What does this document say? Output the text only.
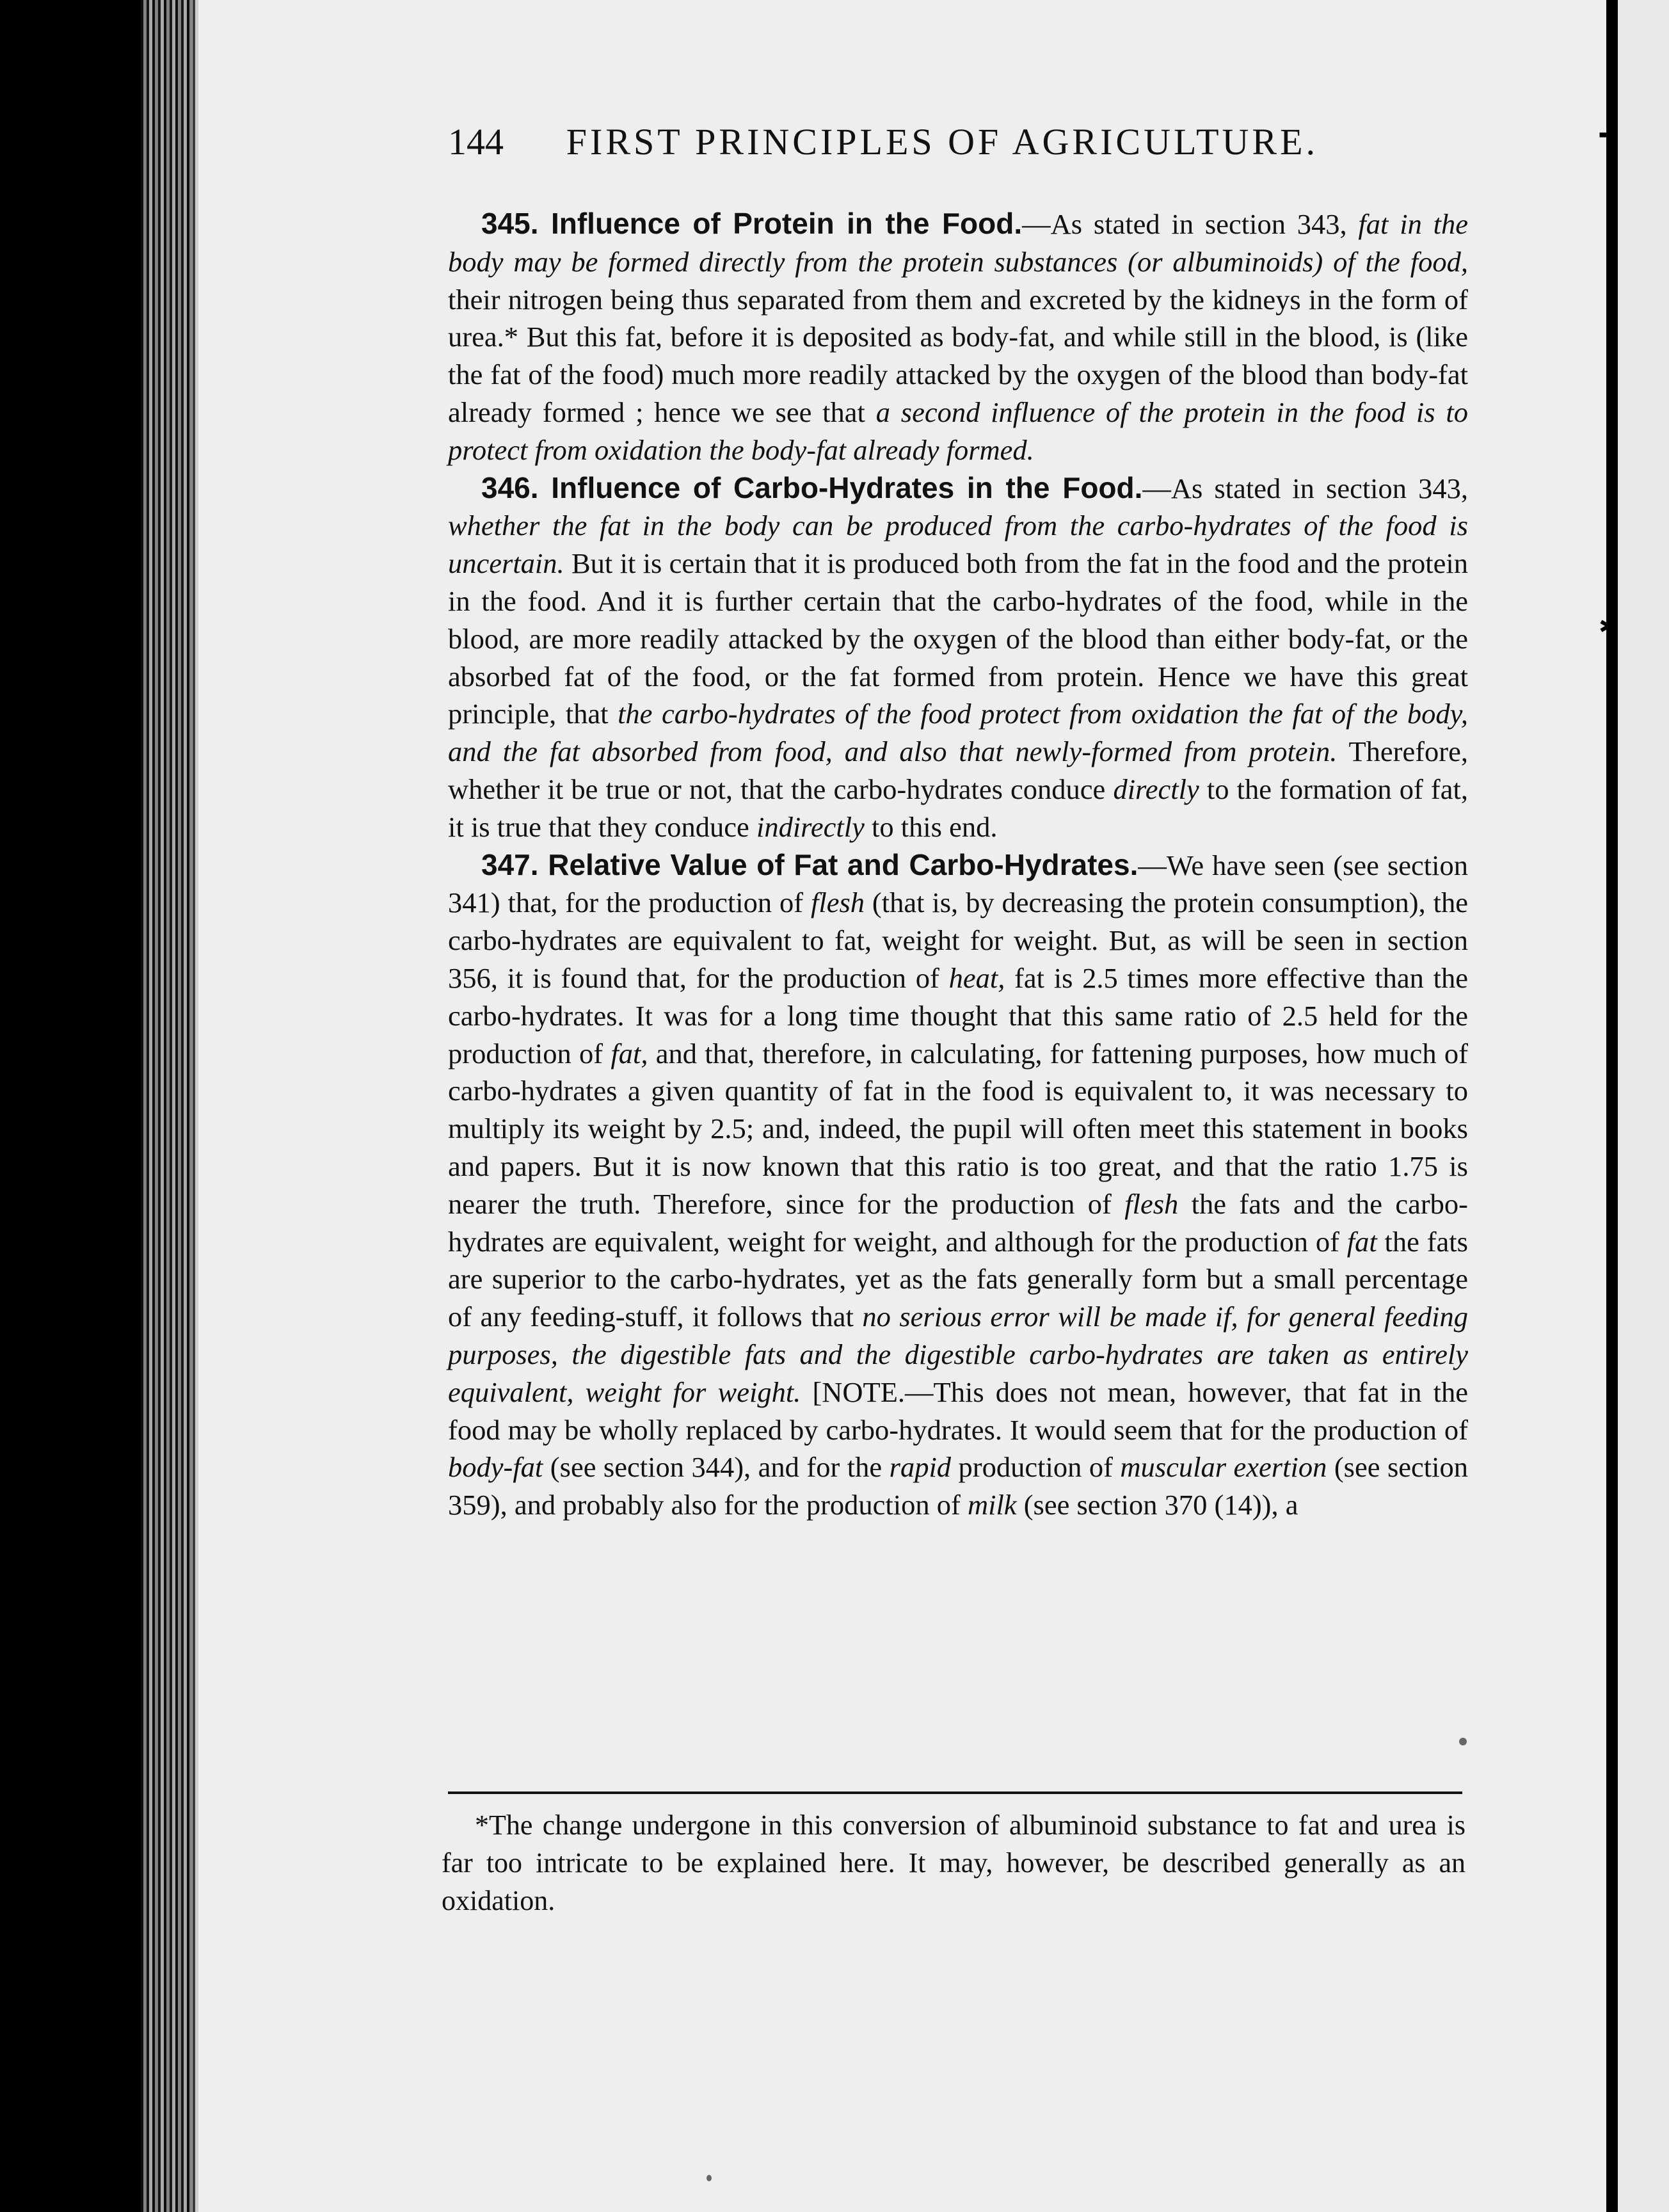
┯
✱
144 FIRST PRINCIPLES OF AGRICULTURE.

345. Influence of Protein in the Food.—As stated in section 343, fat in the body may be formed directly from the protein substances (or albuminoids) of the food, their nitrogen being thus separated from them and excreted by the kidneys in the form of urea.* But this fat, before it is deposited as body-fat, and while still in the blood, is (like the fat of the food) much more readily attacked by the oxygen of the blood than body-fat already formed ; hence we see that a second influence of the protein in the food is to protect from oxidation the body-fat already formed.

346. Influence of Carbo-Hydrates in the Food.—As stated in section 343, whether the fat in the body can be produced from the carbo-hydrates of the food is uncertain. But it is certain that it is produced both from the fat in the food and the protein in the food. And it is further certain that the carbo-hydrates of the food, while in the blood, are more readily attacked by the oxygen of the blood than either body-fat, or the absorbed fat of the food, or the fat formed from protein. Hence we have this great principle, that the carbo-hydrates of the food protect from oxidation the fat of the body, and the fat absorbed from food, and also that newly-formed from protein. Therefore, whether it be true or not, that the carbo-hydrates conduce directly to the formation of fat, it is true that they conduce indirectly to this end.

347. Relative Value of Fat and Carbo-Hydrates.—We have seen (see section 341) that, for the production of flesh (that is, by decreasing the protein consumption), the carbo-hydrates are equivalent to fat, weight for weight. But, as will be seen in section 356, it is found that, for the production of heat, fat is 2.5 times more effective than the carbo-hydrates. It was for a long time thought that this same ratio of 2.5 held for the production of fat, and that, therefore, in calculating, for fattening purposes, how much of carbo-hydrates a given quantity of fat in the food is equivalent to, it was necessary to multiply its weight by 2.5; and, indeed, the pupil will often meet this statement in books and papers. But it is now known that this ratio is too great, and that the ratio 1.75 is nearer the truth. Therefore, since for the production of flesh the fats and the carbo-hydrates are equivalent, weight for weight, and although for the production of fat the fats are superior to the carbo-hydrates, yet as the fats generally form but a small percentage of any feeding-stuff, it follows that no serious error will be made if, for general feeding purposes, the digestible fats and the digestible carbo-hydrates are taken as entirely equivalent, weight for weight. [NOTE.—This does not mean, however, that fat in the food may be wholly replaced by carbo-hydrates. It would seem that for the production of body-fat (see section 344), and for the rapid production of muscular exertion (see section 359), and probably also for the production of milk (see section 370 (14)), a

*The change undergone in this conversion of albuminoid substance to fat and urea is far too intricate to be explained here. It may, however, be described generally as an oxidation.
